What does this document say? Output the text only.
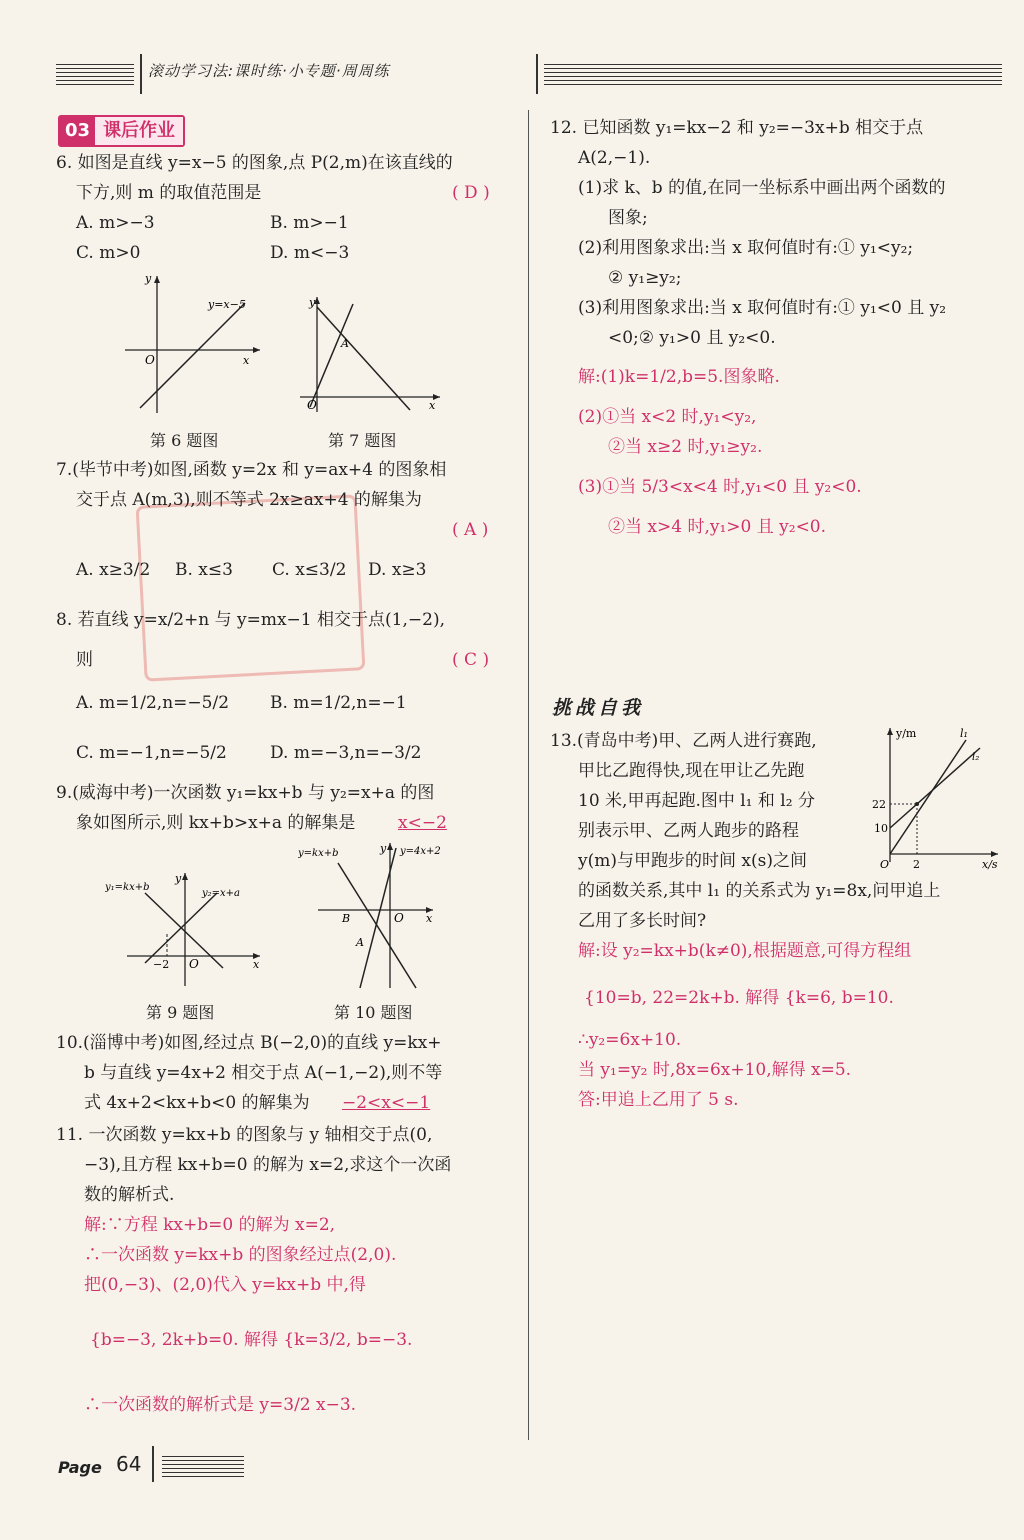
滚动学习法:课时练·小专题·周周练
03 课后作业
6. 如图是直线 y=x−5 的图象,点 P(2,m)在该直线的
下方,则 m 的取值范围是	( D )
A. m>−3	B. m>−1
C. m>0	D. m<−3
O
y
x
y=x−5
第 6 题图
A
O
y
x
第 7 题图
7.(毕节中考)如图,函数 y=2x 和 y=ax+4 的图象相
交于点 A(m,3),则不等式 2x≥ax+4 的解集为
( A )
A. x≥3/2 B. x≤3 C. x≤3/2 D. x≥3
8. 若直线 y=x/2+n 与 y=mx−1 相交于点(1,−2),
则	( C )
A. m=1/2,n=−5/2 B. m=1/2,n=−1
C. m=−1,n=−5/2	D. m=−3,n=−3/2
9.(威海中考)一次函数 y₁=kx+b 与 y₂=x+a 的图
象如图所示,则 kx+b>x+a 的解集是	x<−2
y₁=kx+b
y₂=x+a
−2 O
y
x
第 9 题图
y=kx+b	y=4x+2
B	O
A
y
x
第 10 题图
10.(淄博中考)如图,经过点 B(−2,0)的直线 y=kx+
b 与直线 y=4x+2 相交于点 A(−1,−2),则不等
式 4x+2<kx+b<0 的解集为 −2<x<−1
11. 一次函数 y=kx+b 的图象与 y 轴相交于点(0,
−3),且方程 kx+b=0 的解为 x=2,求这个一次函
数的解析式.
解:∵方程 kx+b=0 的解为 x=2,
∴一次函数 y=kx+b 的图象经过点(2,0).
把(0,−3)、(2,0)代入 y=kx+b 中,得
{b=−3, 2k+b=0. 解得 {k=3/2, b=−3.
∴一次函数的解析式是 y=3/2 x−3.
12. 已知函数 y₁=kx−2 和 y₂=−3x+b 相交于点
A(2,−1).
(1)求 k、b 的值,在同一坐标系中画出两个函数的
图象;
(2)利用图象求出:当 x 取何值时有:① y₁<y₂;
② y₁≥y₂;
(3)利用图象求出:当 x 取何值时有:① y₁<0 且 y₂
<0;② y₁>0 且 y₂<0.
解:(1)k=1/2,b=5.图象略.
(2)①当 x<2 时,y₁<y₂,
②当 x≥2 时,y₁≥y₂.
(3)①当 5/3<x<4 时,y₁<0 且 y₂<0.
②当 x>4 时,y₁>0 且 y₂<0.
挑战自我
13.(青岛中考)甲、乙两人进行赛跑,
甲比乙跑得快,现在甲让乙先跑
10 米,甲再起跑.图中 l₁ 和 l₂ 分
别表示甲、乙两人跑步的路程
y(m)与甲跑步的时间 x(s)之间
的函数关系,其中 l₁ 的关系式为 y₁=8x,问甲追上
乙用了多长时间?
解:设 y₂=kx+b(k≠0),根据题意,可得方程组
{10=b, 22=2k+b. 解得 {k=6, b=10.
∴y₂=6x+10.
当 y₁=y₂ 时,8x=6x+10,解得 x=5.
答:甲追上乙用了 5 s.
y/m
x/s
22
10
2
O
l₁
l₂
Page 64
